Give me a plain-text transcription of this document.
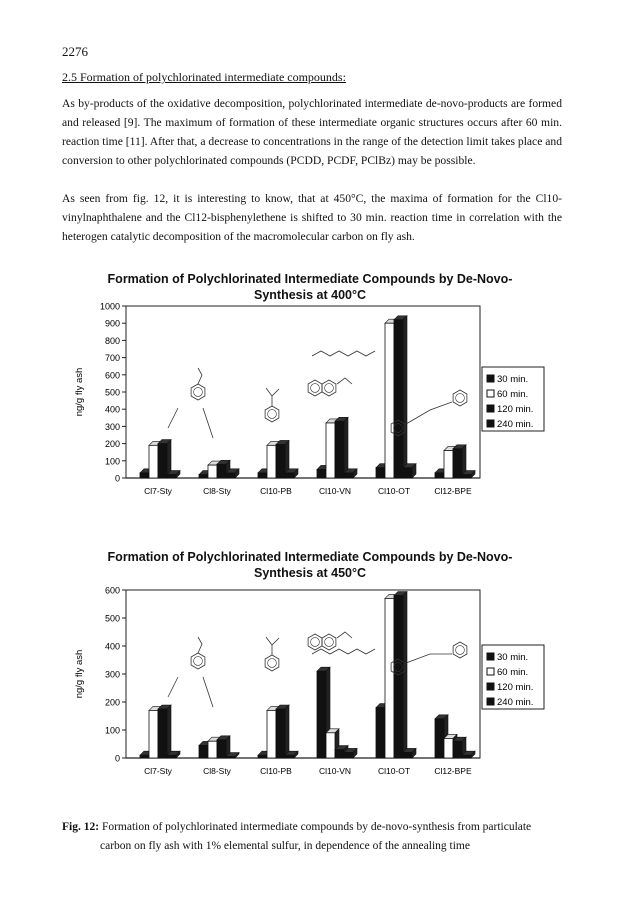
2276
2.5 Formation of polychlorinated intermediate compounds:
As by-products of the oxidative decomposition, polychlorinated intermediate de-novo-products are formed and released [9]. The maximum of formation of these intermediate organic structures occurs after 60 min. reaction time [11]. After that, a decrease to concentrations in the range of the detection limit takes place and conversion to other polychlorinated compounds (PCDD, PCDF, PClBz) may be possible.
As seen from fig. 12, it is interesting to know, that at 450°C, the maxima of formation for the Cl10-vinylnaphthalene and the Cl12-bisphenylethene is shifted to 30 min. reaction time in correlation with the heterogen catalytic decomposition of the macromolecular carbon on fly ash.
Formation of Polychlorinated Intermediate Compounds by De-Novo-Synthesis at 400°C
Formation of Polychlorinated Intermediate Compounds by De-Novo-Synthesis at 450°C
0
100
200
300
400
500
600
700
800
900
1000
ng/g fly ash
Cl7-Sty	Cl8-Sty	Cl10-PB	Cl10-VN	Cl10-OT	Cl12-BPE
30 min.
60 min.
120 min.
240 min.
0
100
200
300
400
500
600
ng/g fly ash
Cl7-Sty	Cl8-Sty	Cl10-PB	Cl10-VN	Cl10-OT	Cl12-BPE
30 min.
60 min.
120 min.
240 min.
Fig. 12: Formation of polychlorinated intermediate compounds by de-novo-synthesis from particulate
carbon on fly ash with 1% elemental sulfur, in dependence of the annealing time
